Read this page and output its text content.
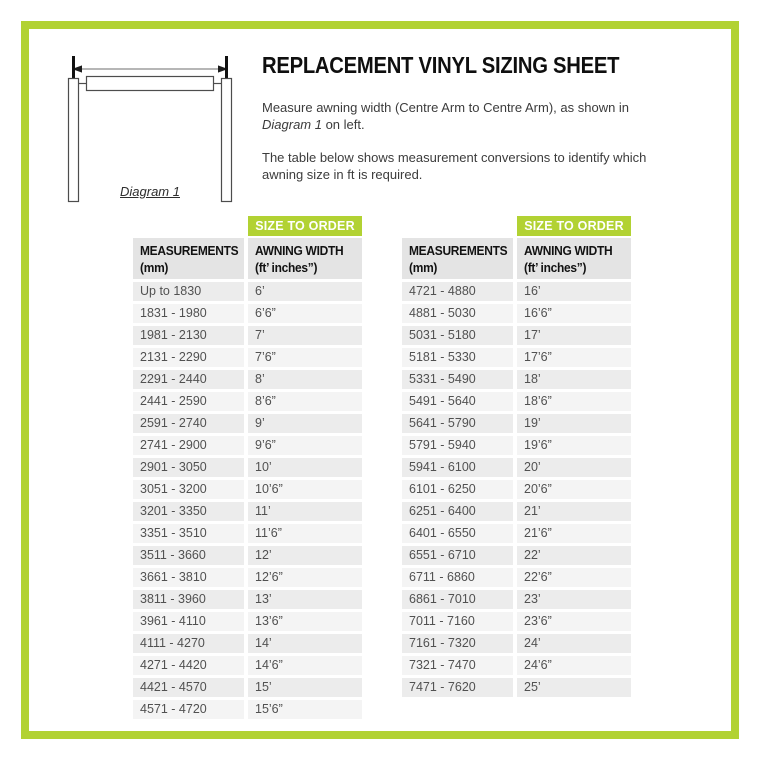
Diagram 1
REPLACEMENT VINYL SIZING SHEET

Measure awning width (Centre Arm to Centre Arm), as shown in
Diagram 1 on left.

The table below shows measurement conversions to identify which
awning size in ft is required.

SIZE TO ORDER
MEASUREMENTS
(mm)
AWNING WIDTH
(ft’ inches”)
Up to 1830	6’
1831 - 1980	6’6”
1981 - 2130	7’
2131 - 2290	7’6”
2291 - 2440	8’
2441 - 2590	8’6”
2591 - 2740	9’
2741 - 2900	9’6”
2901 - 3050	10’
3051 - 3200	10’6”
3201 - 3350	11’
3351 - 3510	11’6”
3511 - 3660	12’
3661 - 3810	12’6”
3811 - 3960	13’
3961 - 4110	13’6”
4111 - 4270	14’
4271 - 4420	14’6”
4421 - 4570	15’
4571 - 4720	15’6”
SIZE TO ORDER
MEASUREMENTS
(mm)
AWNING WIDTH
(ft’ inches”)
4721 - 4880	16’
4881 - 5030	16’6”
5031 - 5180	17’
5181 - 5330	17’6”
5331 - 5490	18’
5491 - 5640	18’6”
5641 - 5790	19’
5791 - 5940	19’6”
5941 - 6100	20’
6101 - 6250	20’6”
6251 - 6400	21’
6401 - 6550	21’6”
6551 - 6710	22’
6711 - 6860	22’6”
6861 - 7010	23’
7011 - 7160	23’6”
7161 - 7320	24’
7321 - 7470	24’6”
7471 - 7620	25’
